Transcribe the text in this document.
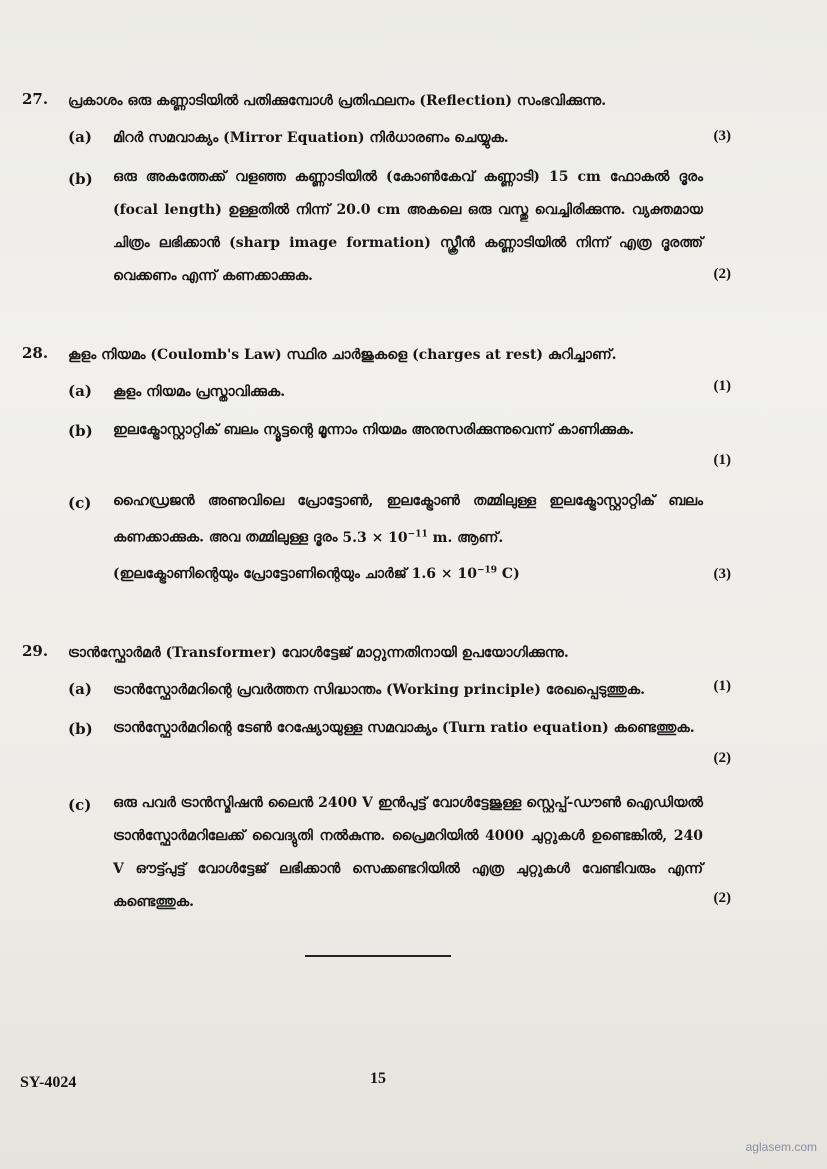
27. പ്രകാശം ഒരു കണ്ണാടിയിൽ പതിക്കുമ്പോൾ പ്രതിഫലനം (Reflection) സംഭവിക്കുന്നു.
(a) മിറർ സമവാക്യം (Mirror Equation) നിർധാരണം ചെയ്യുക.	(3)
(b) ഒരു അകത്തേക്ക് വളഞ്ഞ കണ്ണാടിയിൽ (കോൺകേവ് കണ്ണാടി) 15 cm ഫോകൽ ദൂരം (focal length) ഉള്ളതിൽ നിന്ന് 20.0 cm അകലെ ഒരു വസ്തു വെച്ചിരിക്കുന്നു. വ്യക്തമായ ചിത്രം ലഭിക്കാൻ (sharp image formation) സ്ക്രീൻ കണ്ണാടിയിൽ നിന്ന് എത്ര ദൂരത്ത് വെക്കണം എന്ന് കണക്കാക്കുക.	(2)
28. കൂളം നിയമം (Coulomb's Law) സ്ഥിര ചാർജുകളെ (charges at rest) കുറിച്ചാണ്.
(a) കൂളം നിയമം പ്രസ്താവിക്കുക.	(1)
(b) ഇലക്ട്രോസ്റ്റാറ്റിക് ബലം ന്യൂട്ടന്റെ മൂന്നാം നിയമം അനുസരിക്കുന്നുവെന്ന് കാണിക്കുക.
(1)
(c) ഹൈഡ്രജൻ അണുവിലെ പ്രോട്ടോൺ, ഇലക്ട്രോൺ തമ്മിലുള്ള ഇലക്ട്രോസ്റ്റാറ്റിക് ബലം കണക്കാക്കുക. അവ തമ്മിലുള്ള ദൂരം $5.3 \times 10^{-11}$ m. ആണ്.
(ഇലക്ട്രോണിന്റെയും പ്രോട്ടോണിന്റെയും ചാർജ് $1.6 \times 10^{-19}$ C)	(3)
29. ട്രാൻസ്ഫോർമർ (Transformer) വോൾട്ടേജ് മാറ്റുന്നതിനായി ഉപയോഗിക്കുന്നു.
(a) ട്രാൻസ്ഫോർമറിന്റെ പ്രവർത്തന സിദ്ധാന്തം (Working principle) രേഖപ്പെടുത്തുക.	(1)
(b) ട്രാൻസ്ഫോർമറിന്റെ ടേൺ റേഷ്യോയുള്ള സമവാക്യം (Turn ratio equation) കണ്ടെത്തുക.
(2)
(c) ഒരു പവർ ട്രാൻസ്മിഷൻ ലൈൻ 2400 V ഇൻപുട്ട് വോൾട്ടേജുള്ള സ്റ്റെപ്പ്-ഡൗൺ ഐഡിയൽ ട്രാൻസ്ഫോർമറിലേക്ക് വൈദ്യുതി നൽകുന്നു. പ്രൈമറിയിൽ 4000 ചുറ്റുകൾ ഉണ്ടെങ്കിൽ, 240 V ഔട്ട്പുട്ട് വോൾട്ടേജ് ലഭിക്കാൻ സെക്കണ്ടറിയിൽ എത്ര ചുറ്റുകൾ വേണ്ടിവരും എന്ന് കണ്ടെത്തുക.	(2)
SY-4024	15
aglasem.com
